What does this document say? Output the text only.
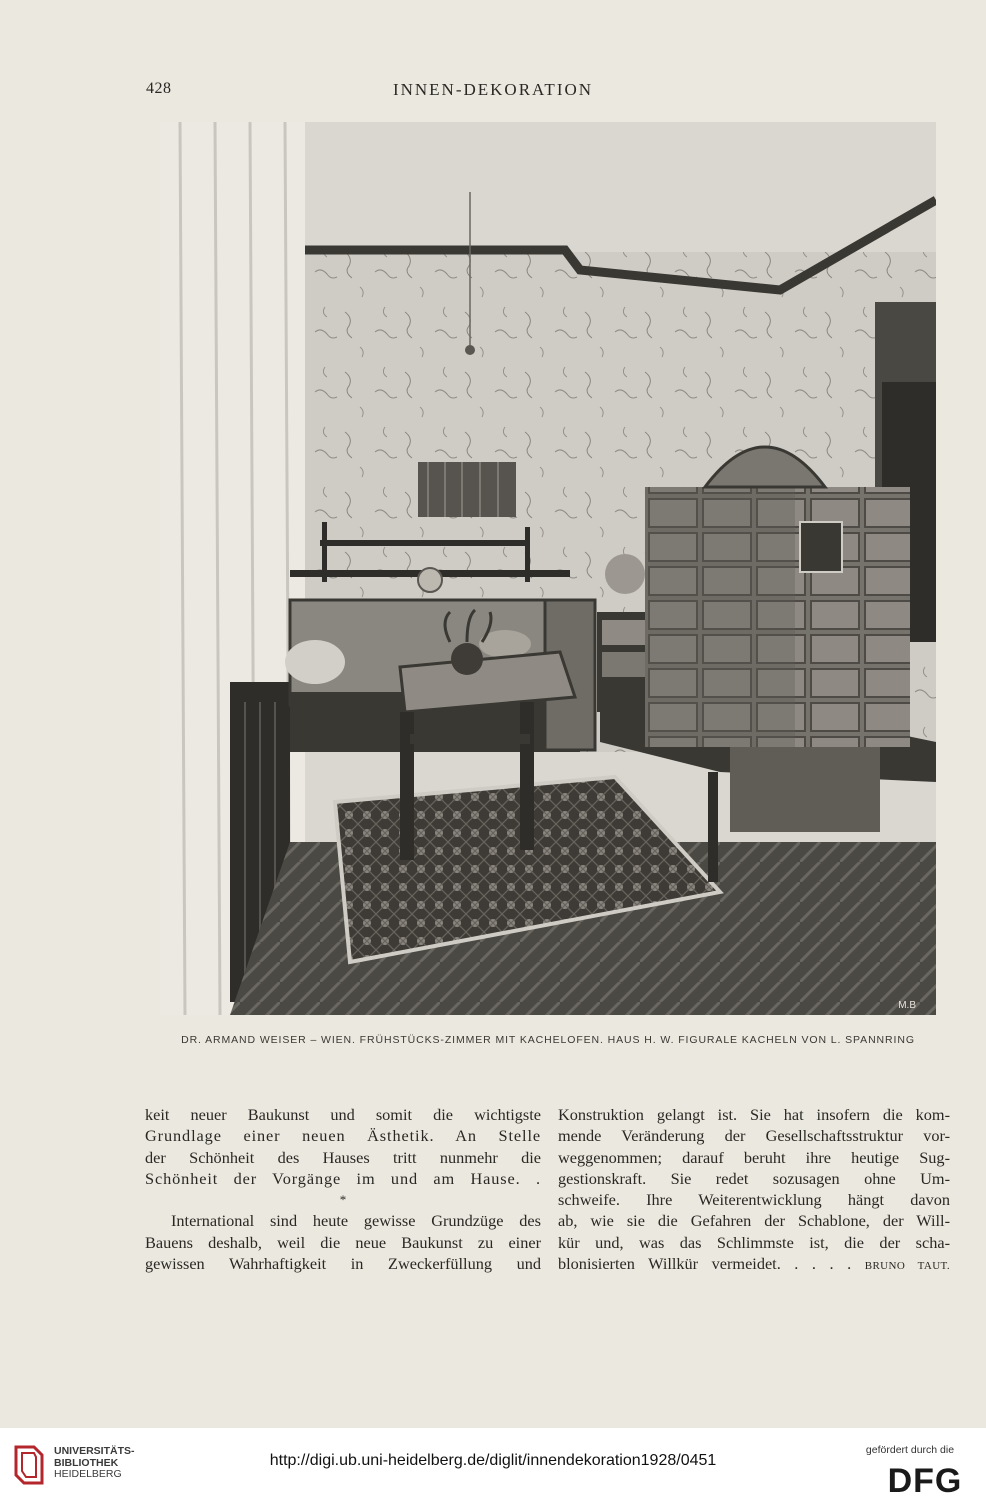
428	INNEN-DEKORATION
M.B
DR. ARMAND WEISER – WIEN. FRÜHSTÜCKS-ZIMMER MIT KACHELOFEN. HAUS H. W. FIGURALE KACHELN VON L. SPANNRING
keit neuer Baukunst und somit die wichtigste
Grundlage einer neuen Ästhetik. An Stelle
der Schönheit des Hauses tritt nunmehr die
Schönheit der Vorgänge im und am Hause. .
*
International sind heute gewisse Grundzüge des
Bauens deshalb, weil die neue Baukunst zu einer
gewissen Wahrhaftigkeit in Zweckerfüllung und
Konstruktion gelangt ist. Sie hat insofern die kom-
mende Veränderung der Gesellschaftsstruktur vor-
weggenommen; darauf beruht ihre heutige Sug-
gestionskraft. Sie redet sozusagen ohne Um-
schweife. Ihre Weiterentwicklung hängt davon
ab, wie sie die Gefahren der Schablone, der Will-
kür und, was das Schlimmste ist, die der scha-
blonisierten Willkür vermeidet. . . . . BRUNO TAUT.
UNIVERSITÄTS-
BIBLIOTHEK
HEIDELBERG
http://digi.ub.uni-heidelberg.de/diglit/innendekoration1928/0451
gefördert durch die
DFG
